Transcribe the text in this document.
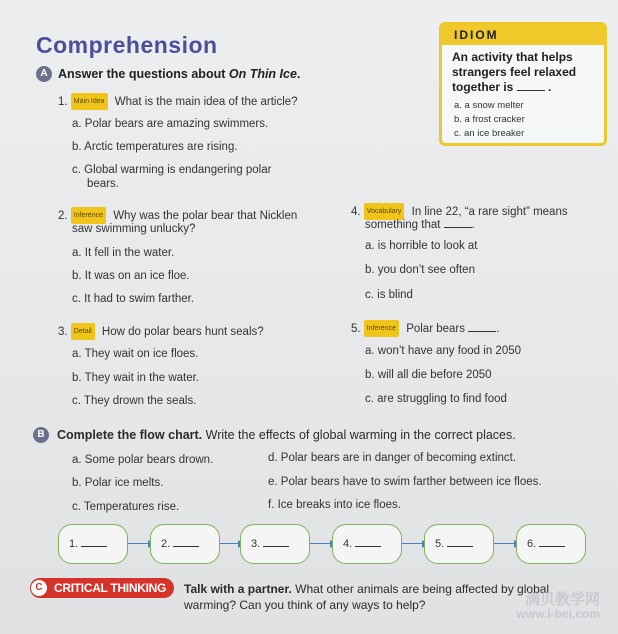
Comprehension	IDIOM
An activity that helps
strangers feel relaxed
together is	.
a. a snow melter
b. a frost cracker
c. an ice breaker
A Answer the questions about On Thin Ice.
1. Main Idea What is the main idea of the article?
a. Polar bears are amazing swimmers.
b. Arctic temperatures are rising.
c. Global warming is endangering polar
bears.
2. Inference Why was the polar bear that Nicklen
saw swimming unlucky?
a. It fell in the water.
b. It was on an ice floe.
c. It had to swim farther.
3. Detail How do polar bears hunt seals?
a. They wait on ice floes.
b. They wait in the water.
c. They drown the seals.
4. Vocabulary In line 22, “a rare sight” means
something that	.
a. is horrible to look at
b. you don’t see often
c. is blind
5. Inference Polar bears	.
a. won’t have any food in 2050
b. will all die before 2050
c. are struggling to find food
B Complete the flow chart. Write the effects of global warming in the correct places.
a. Some polar bears drown.
b. Polar ice melts.
c. Temperatures rise.
d. Polar bears are in danger of becoming extinct.
e. Polar bears have to swim farther between ice floes.
f. Ice breaks into ice floes.
1.	2.	3.	4.	5.	6.
CRITICAL THINKING
C	Talk with a partner. What other animals are being affected by global
warming? Can you think of any ways to help?	满贝教学网
www.i-bei.com
